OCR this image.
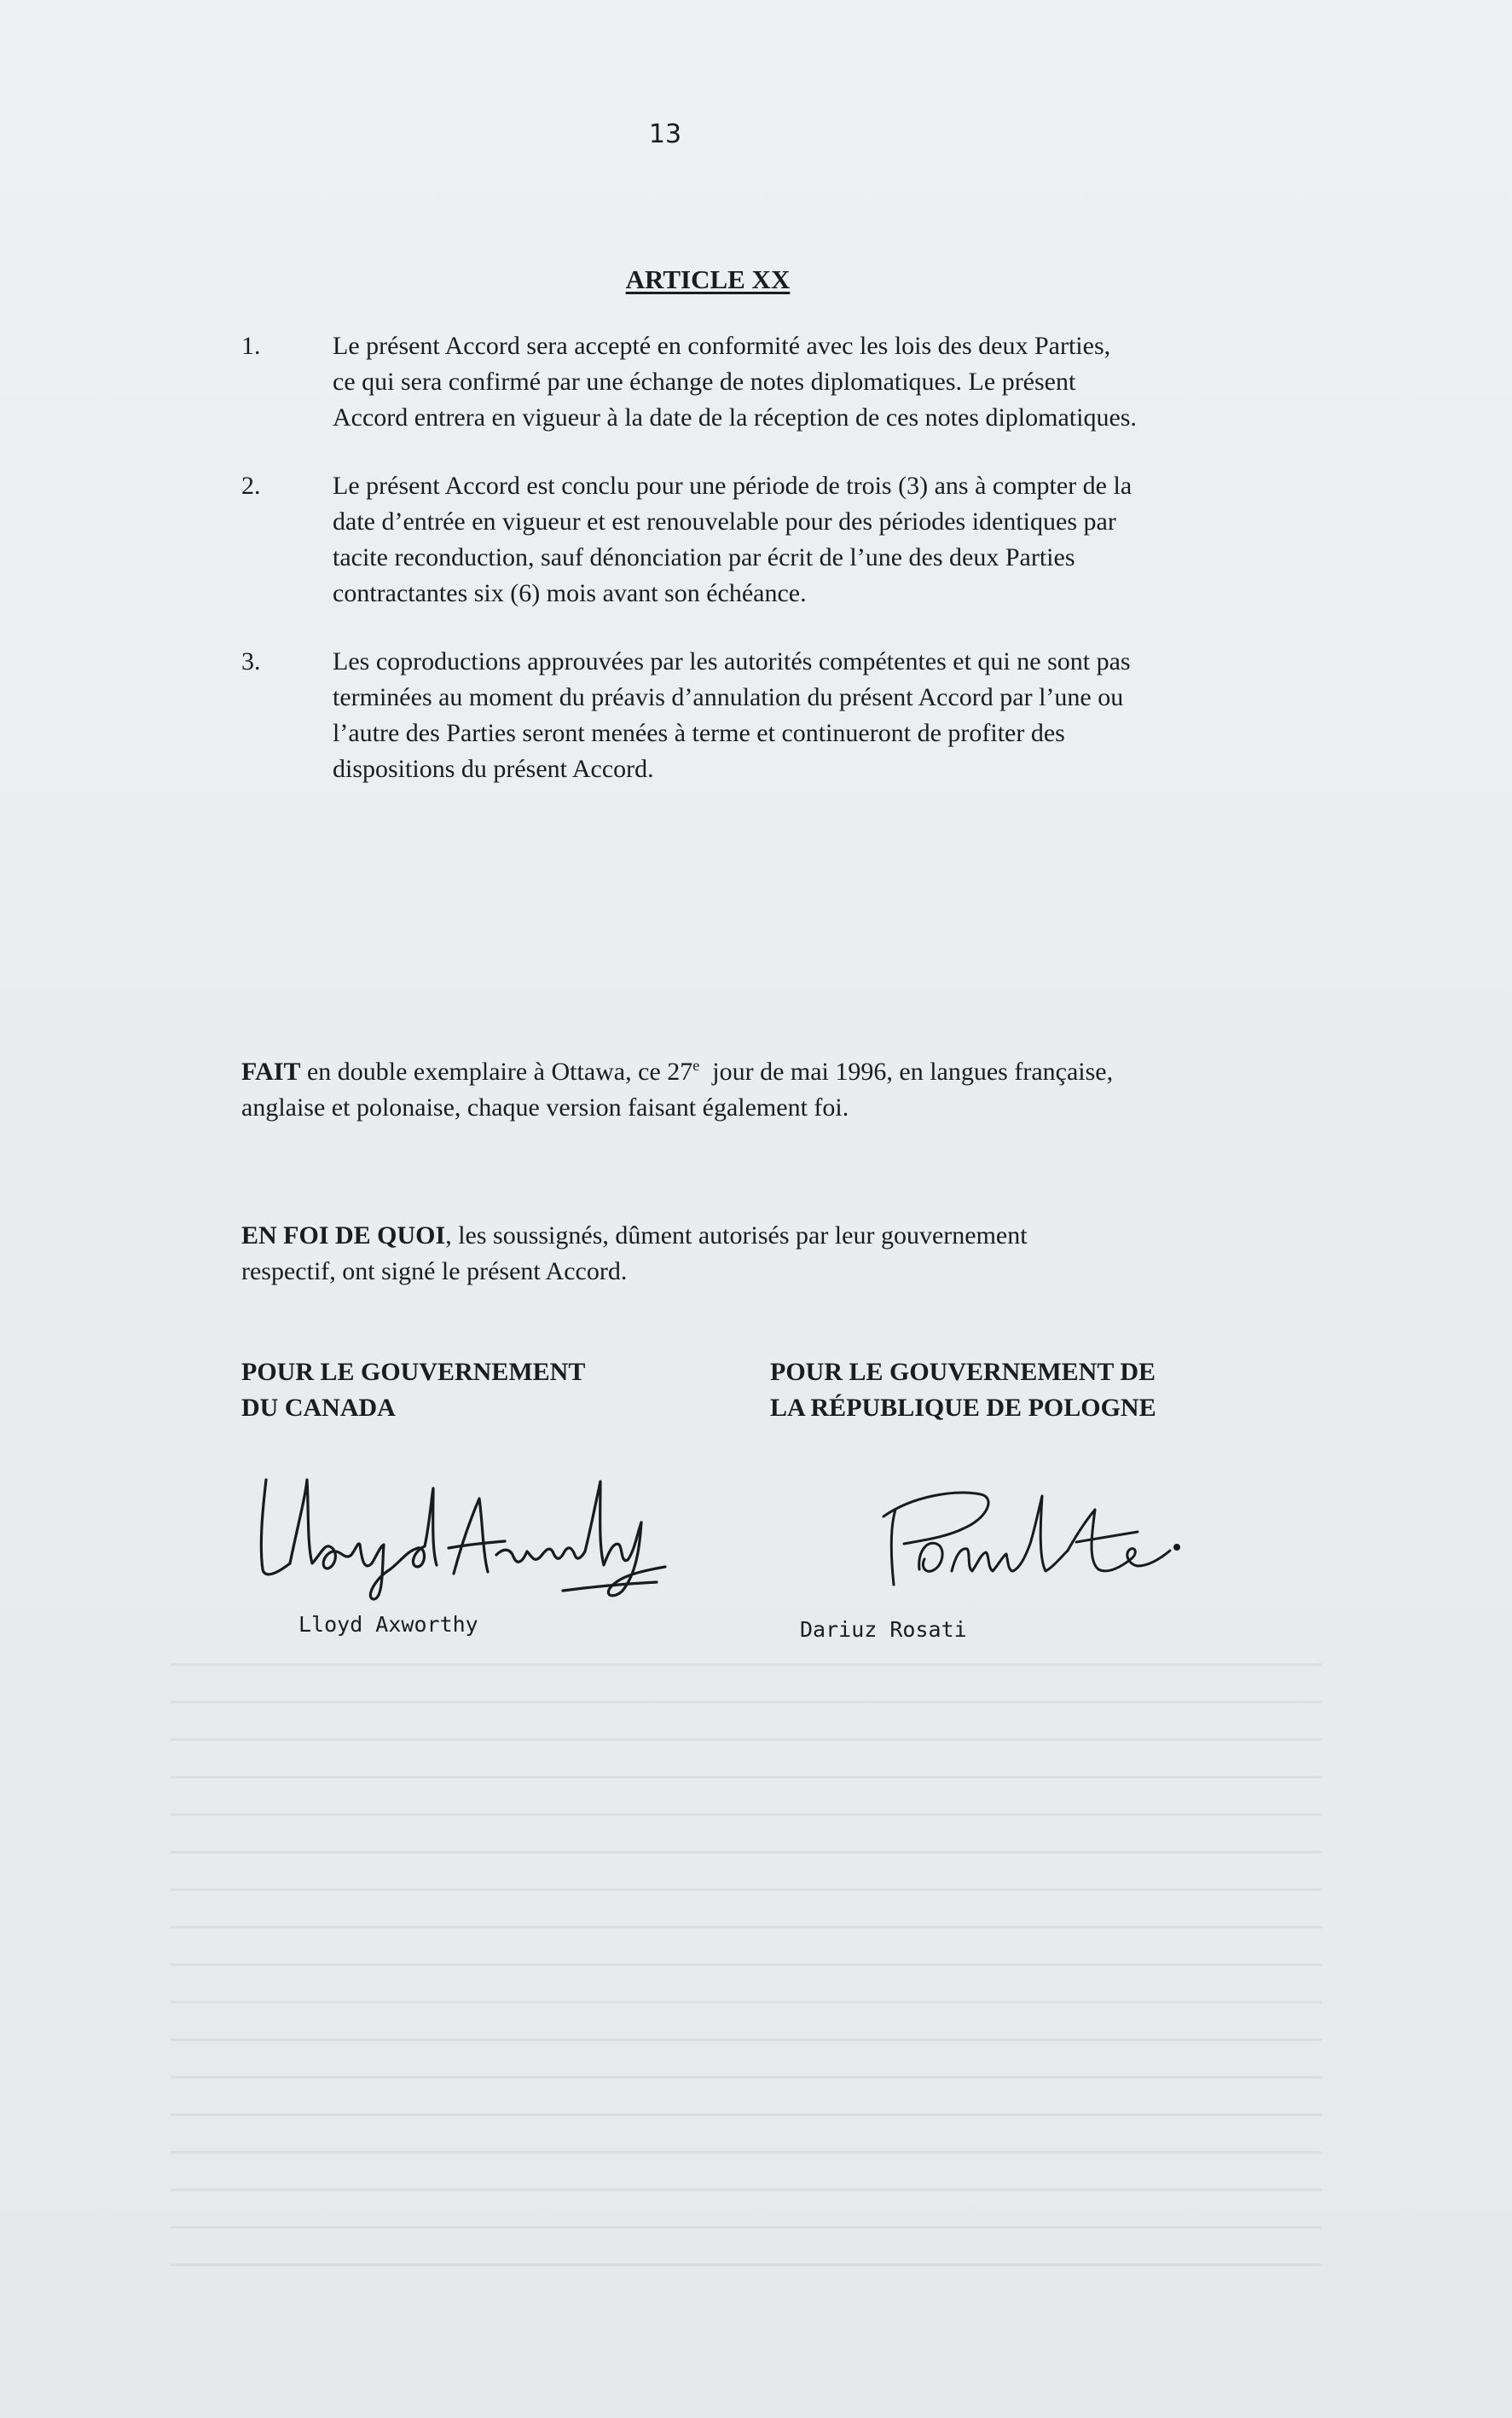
13
ARTICLE XX
1.	Le présent Accord sera accepté en conformité avec les lois des deux Parties,
ce qui sera confirmé par une échange de notes diplomatiques. Le présent
Accord entrera en vigueur à la date de la réception de ces notes diplomatiques.
2.	Le présent Accord est conclu pour une période de trois (3) ans à compter de la
date d’entrée en vigueur et est renouvelable pour des périodes identiques par
tacite reconduction, sauf dénonciation par écrit de l’une des deux Parties
contractantes six (6) mois avant son échéance.
3.	Les coproductions approuvées par les autorités compétentes et qui ne sont pas
terminées au moment du préavis d’annulation du présent Accord par l’une ou
l’autre des Parties seront menées à terme et continueront de profiter des
dispositions du présent Accord.
FAIT en double exemplaire à Ottawa, ce 27e  jour de mai 1996, en langues française,
anglaise et polonaise, chaque version faisant également foi.
EN FOI DE QUOI, les soussignés, dûment autorisés par leur gouvernement
respectif, ont signé le présent Accord.
POUR LE GOUVERNEMENT
DU CANADA
POUR LE GOUVERNEMENT DE
LA RÉPUBLIQUE DE POLOGNE
Lloyd Axworthy	Dariuz Rosati
